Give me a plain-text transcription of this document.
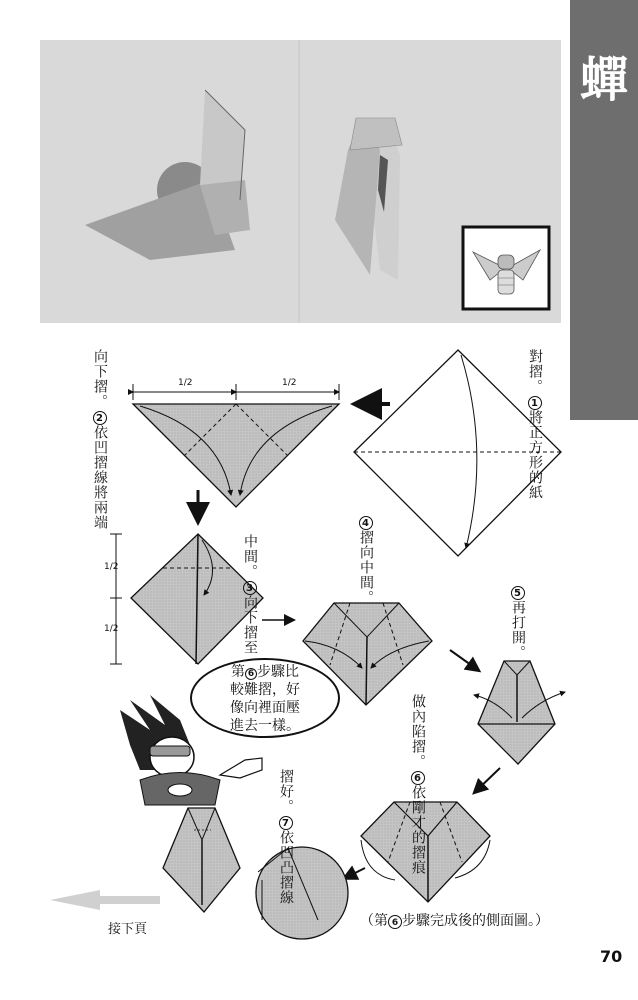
蟬
第 6 步驟比
較難摺，好
像向裡面壓
進去一樣。
1將正方形的紙
對摺。
2依凹摺線將兩端
向下摺。	1/2	1/2
3向下摺至
中間。
1/2
1/2
4摺向中間。	5再打開。
6依剛才的摺痕
做內陷摺。
7依凹凸摺線
摺好。
（第 6 步驟完成後的側面圖。）
接下頁
70
